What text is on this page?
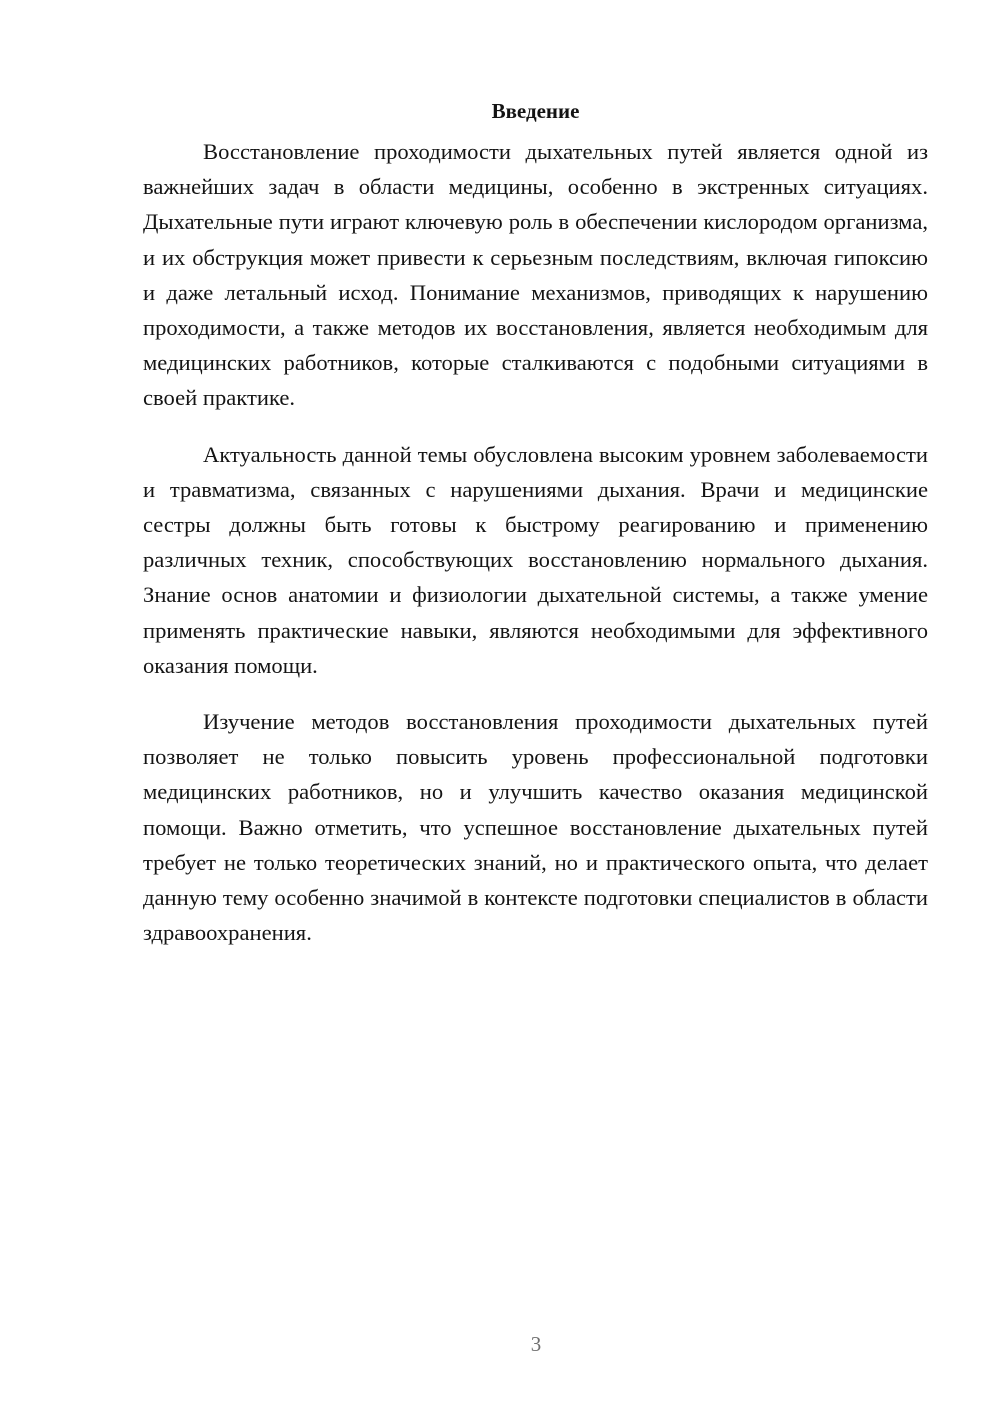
Введение

Восстановление проходимости дыхательных путей является одной из важнейших задач в области медицины, особенно в экстренных ситуациях. Дыхательные пути играют ключевую роль в обеспечении кислородом организма, и их обструкция может привести к серьезным последствиям, включая гипоксию и даже летальный исход. Понимание механизмов, приводящих к нарушению проходимости, а также методов их восстановления, является необходимым для медицинских работников, которые сталкиваются с подобными ситуациями в своей практике.

Актуальность данной темы обусловлена высоким уровнем заболеваемости и травматизма, связанных с нарушениями дыхания. Врачи и медицинские сестры должны быть готовы к быстрому реагированию и применению различных техник, способствующих восстановлению нормального дыхания. Знание основ анатомии и физиологии дыхательной системы, а также умение применять практические навыки, являются необходимыми для эффективного оказания помощи.

Изучение методов восстановления проходимости дыхательных путей позволяет не только повысить уровень профессиональной подготовки медицинских работников, но и улучшить качество оказания медицинской помощи. Важно отметить, что успешное восстановление дыхательных путей требует не только теоретических знаний, но и практического опыта, что делает данную тему особенно значимой в контексте подготовки специалистов в области здравоохранения.

3
